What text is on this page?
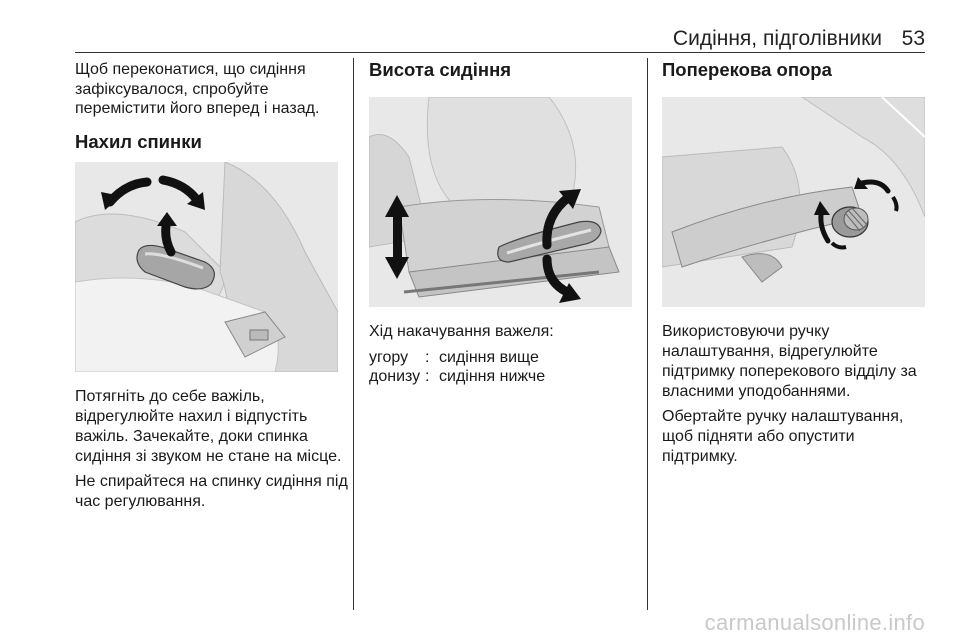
Сидіння, підголівники 53

Щоб переконатися, що сидіння зафіксувалося, спробуйте перемістити його вперед і назад.

Нахил спинки

Потягніть до себе важіль, відрегулюйте нахил і відпустіть важіль. Зачекайте, доки спинка сидіння зі звуком не стане на місце.

Не спирайтеся на спинку сидіння під час регулювання.

Висота сидіння

Хід накачування важеля:

угору	:	сидіння вище
донизу	:	сидіння нижче

Поперекова опора

Використовуючи ручку налаштування, відрегулюйте підтримку поперекового відділу за власними уподобаннями.

Обертайте ручку налаштування, щоб підняти або опустити підтримку.

carmanualsonline.info
